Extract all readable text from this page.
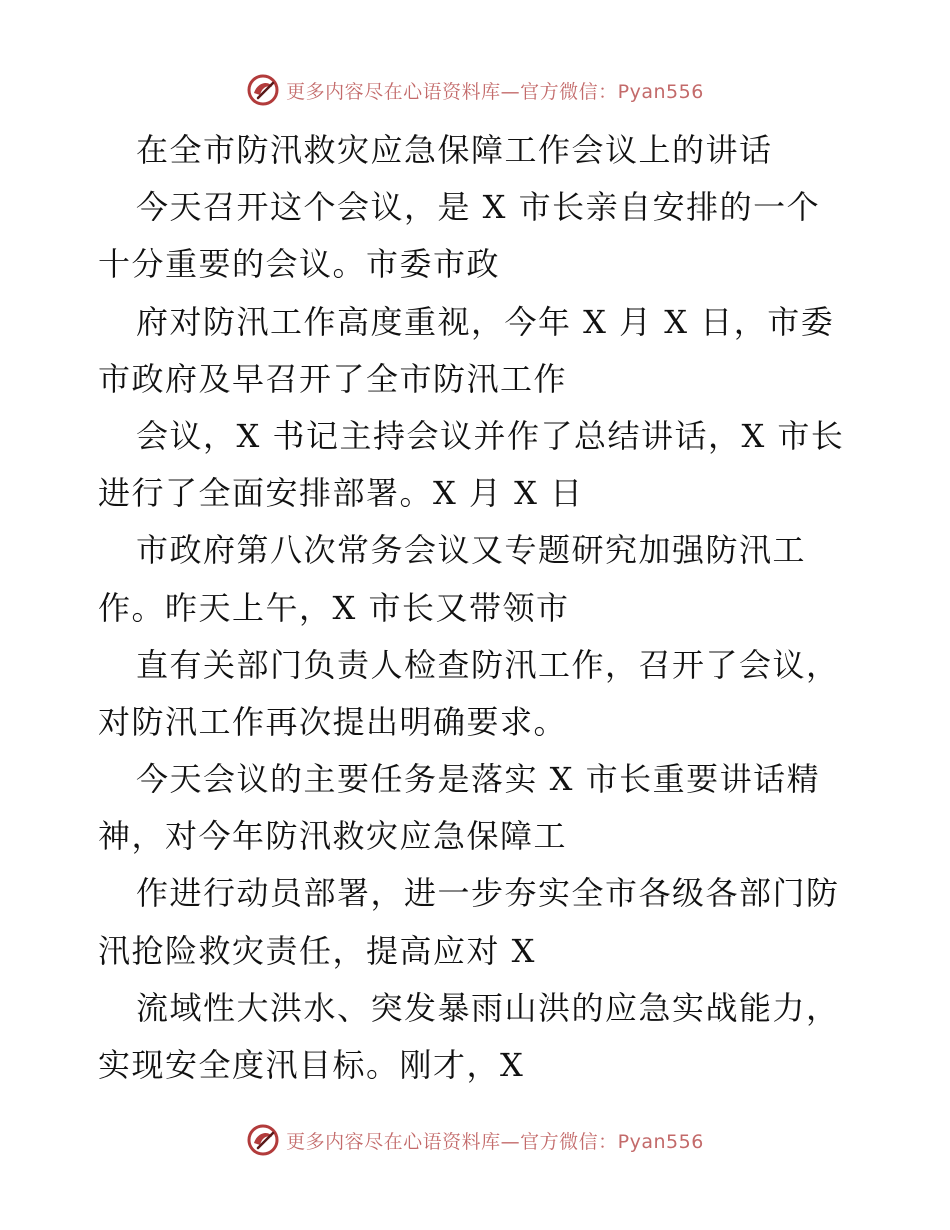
更多内容尽在心语资料库—官方微信：Pyan556
在全市防汛救灾应急保障工作会议上的讲话
今天召开这个会议，是 X 市长亲自安排的一个
十分重要的会议。市委市政
府对防汛工作高度重视，今年 X 月 X 日，市委
市政府及早召开了全市防汛工作
会议，X 书记主持会议并作了总结讲话，X 市长
进行了全面安排部署。X 月 X 日
市政府第八次常务会议又专题研究加强防汛工
作。昨天上午，X 市长又带领市
直有关部门负责人检查防汛工作，召开了会议，
对防汛工作再次提出明确要求。
今天会议的主要任务是落实 X 市长重要讲话精
神，对今年防汛救灾应急保障工
作进行动员部署，进一步夯实全市各级各部门防
汛抢险救灾责任，提高应对 X
流域性大洪水、突发暴雨山洪的应急实战能力，
实现安全度汛目标。刚才，X
更多内容尽在心语资料库—官方微信：Pyan556
